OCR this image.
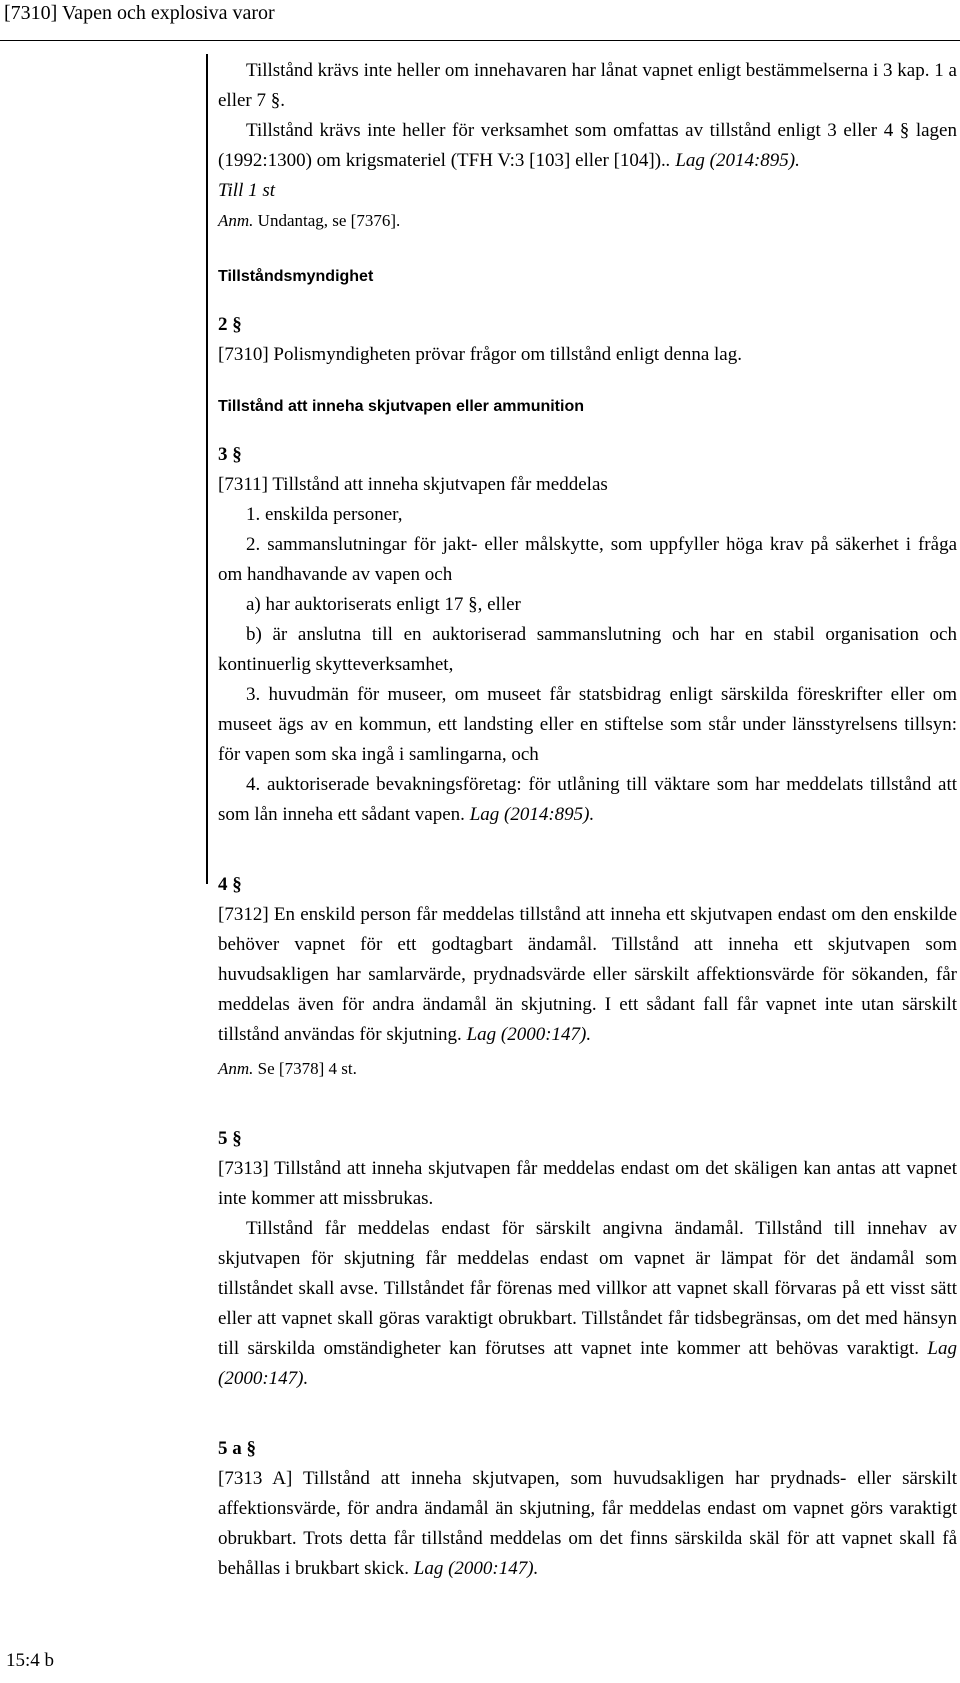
[7310] Vapen och explosiva varor

Tillstånd krävs inte heller om innehavaren har lånat vapnet enligt bestämmelserna i 3 kap. 1 a eller 7 §.

Tillstånd krävs inte heller för verksamhet som omfattas av tillstånd enligt 3 eller 4 § lagen (1992:1300) om krigsmateriel (TFH V:3 [103] eller [104]).. Lag (2014:895).

Till 1 st

Anm. Undantag, se [7376].

Tillståndsmyndighet

2 §

[7310] Polismyndigheten prövar frågor om tillstånd enligt denna lag.

Tillstånd att inneha skjutvapen eller ammunition

3 §

[7311] Tillstånd att inneha skjutvapen får meddelas

1. enskilda personer,

2. sammanslutningar för jakt- eller målskytte, som uppfyller höga krav på säkerhet i fråga om handhavande av vapen och

a) har auktoriserats enligt 17 §, eller

b) är anslutna till en auktoriserad sammanslutning och har en stabil organisation och kontinuerlig skytteverksamhet,

3. huvudmän för museer, om museet får statsbidrag enligt särskilda föreskrifter eller om museet ägs av en kommun, ett landsting eller en stiftelse som står under länsstyrelsens tillsyn: för vapen som ska ingå i samlingarna, och

4. auktoriserade bevakningsföretag: för utlåning till väktare som har meddelats tillstånd att som lån inneha ett sådant vapen. Lag (2014:895).

4 §

[7312] En enskild person får meddelas tillstånd att inneha ett skjutvapen endast om den enskilde behöver vapnet för ett godtagbart ändamål. Tillstånd att inneha ett skjutvapen som huvudsakligen har samlarvärde, prydnadsvärde eller särskilt affektionsvärde för sökanden, får meddelas även för andra ändamål än skjutning. I ett sådant fall får vapnet inte utan särskilt tillstånd användas för skjutning. Lag (2000:147).

Anm. Se [7378] 4 st.

5 §

[7313] Tillstånd att inneha skjutvapen får meddelas endast om det skäligen kan antas att vapnet inte kommer att missbrukas.

Tillstånd får meddelas endast för särskilt angivna ändamål. Tillstånd till innehav av skjutvapen för skjutning får meddelas endast om vapnet är lämpat för det ändamål som tillståndet skall avse. Tillståndet får förenas med villkor att vapnet skall förvaras på ett visst sätt eller att vapnet skall göras varaktigt obrukbart. Tillståndet får tidsbegränsas, om det med hänsyn till särskilda omständigheter kan förutses att vapnet inte kommer att behövas varaktigt. Lag (2000:147).

5 a §

[7313 A] Tillstånd att inneha skjutvapen, som huvudsakligen har prydnads- eller särskilt affektionsvärde, för andra ändamål än skjutning, får meddelas endast om vapnet görs varaktigt obrukbart. Trots detta får tillstånd meddelas om det finns särskilda skäl för att vapnet skall få behållas i brukbart skick. Lag (2000:147).

15:4 b
